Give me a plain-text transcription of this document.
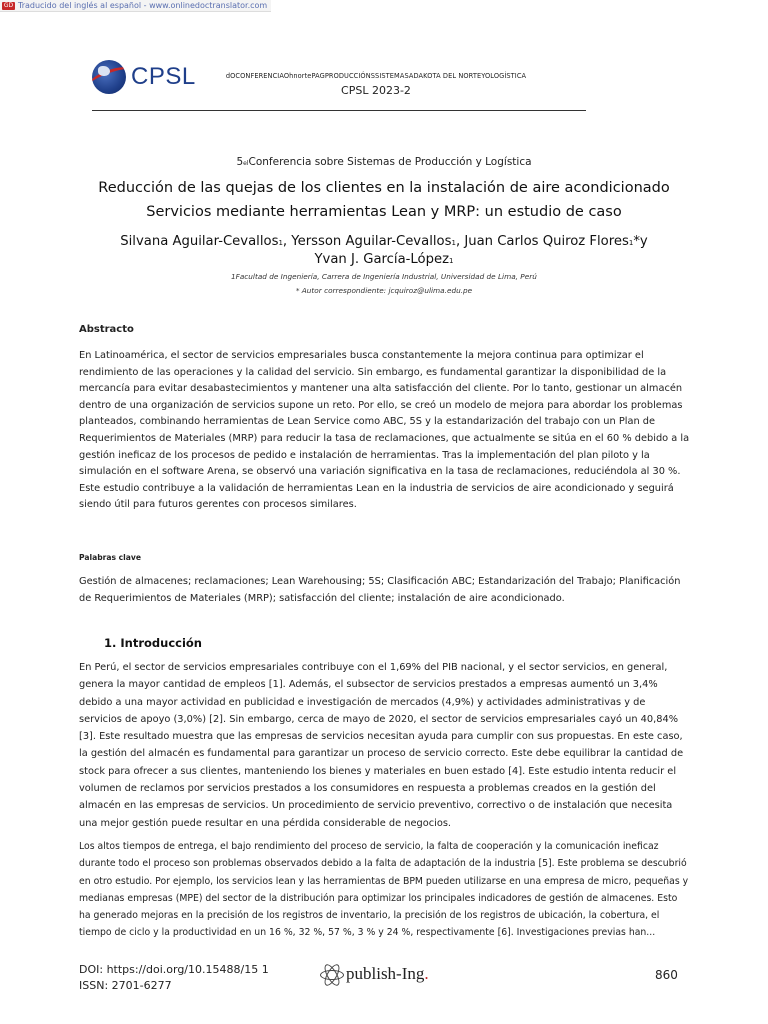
GD Traducido del inglés al español - www.onlinedoctranslator.com
CPSL	dOCONFERENCIAOhnortePAGPRODUCCIÓNSSISTEMASADAKOTA DEL NORTEYOLOGÍSTICA
CPSL 2023-2
5elConferencia sobre Sistemas de Producción y Logística
Reducción de las quejas de los clientes en la instalación de aire acondicionado
Servicios mediante herramientas Lean y MRP: un estudio de caso
Silvana Aguilar-Cevallos1, Yersson Aguilar-Cevallos1, Juan Carlos Quiroz Flores1*y
Yvan J. García-López1
1Facultad de Ingeniería, Carrera de Ingeniería Industrial, Universidad de Lima, Perú
* Autor correspondiente: jcquiroz@ulima.edu.pe
Abstracto
En Latinoamérica, el sector de servicios empresariales busca constantemente la mejora continua para optimizar el rendimiento de las operaciones y la calidad del servicio. Sin embargo, es fundamental garantizar la disponibilidad de la mercancía para evitar desabastecimientos y mantener una alta satisfacción del cliente. Por lo tanto, gestionar un almacén dentro de una organización de servicios supone un reto. Por ello, se creó un modelo de mejora para abordar los problemas planteados, combinando herramientas de Lean Service como ABC, 5S y la estandarización del trabajo con un Plan de Requerimientos de Materiales (MRP) para reducir la tasa de reclamaciones, que actualmente se sitúa en el 60 % debido a la gestión ineficaz de los procesos de pedido e instalación de herramientas. Tras la implementación del plan piloto y la simulación en el software Arena, se observó una variación significativa en la tasa de reclamaciones, reduciéndola al 30 %. Este estudio contribuye a la validación de herramientas Lean en la industria de servicios de aire acondicionado y seguirá siendo útil para futuros gerentes con procesos similares.
Palabras clave
Gestión de almacenes; reclamaciones; Lean Warehousing; 5S; Clasificación ABC; Estandarización del Trabajo; Planificación de Requerimientos de Materiales (MRP); satisfacción del cliente; instalación de aire acondicionado.
1. Introducción
En Perú, el sector de servicios empresariales contribuye con el 1,69% del PIB nacional, y el sector servicios, en general, genera la mayor cantidad de empleos [1]. Además, el subsector de servicios prestados a empresas aumentó un 3,4% debido a una mayor actividad en publicidad e investigación de mercados (4,9%) y actividades administrativas y de servicios de apoyo (3,0%) [2]. Sin embargo, cerca de mayo de 2020, el sector de servicios empresariales cayó un 40,84% [3]. Este resultado muestra que las empresas de servicios necesitan ayuda para cumplir con sus propuestas. En este caso, la gestión del almacén es fundamental para garantizar un proceso de servicio correcto. Este debe equilibrar la cantidad de stock para ofrecer a sus clientes, manteniendo los bienes y materiales en buen estado [4]. Este estudio intenta reducir el volumen de reclamos por servicios prestados a los consumidores en respuesta a problemas creados en la gestión del almacén en las empresas de servicios. Un procedimiento de servicio preventivo, correctivo o de instalación que necesita una mejor gestión puede resultar en una pérdida considerable de negocios.
Los altos tiempos de entrega, el bajo rendimiento del proceso de servicio, la falta de cooperación y la comunicación ineficaz durante todo el proceso son problemas observados debido a la falta de adaptación de la industria [5]. Este problema se descubrió en otro estudio. Por ejemplo, los servicios lean y las herramientas de BPM pueden utilizarse en una empresa de micro, pequeñas y medianas empresas (MPE) del sector de la distribución para optimizar los principales indicadores de gestión de almacenes. Esto ha generado mejoras en la precisión de los registros de inventario, la precisión de los registros de ubicación, la cobertura, el tiempo de ciclo y la productividad en un 16 %, 32 %, 57 %, 3 % y 24 %, respectivamente [6]. Investigaciones previas han...
DOI: https://doi.org/10.15488/15 1
ISSN: 2701-6277
publish-Ing.	860
